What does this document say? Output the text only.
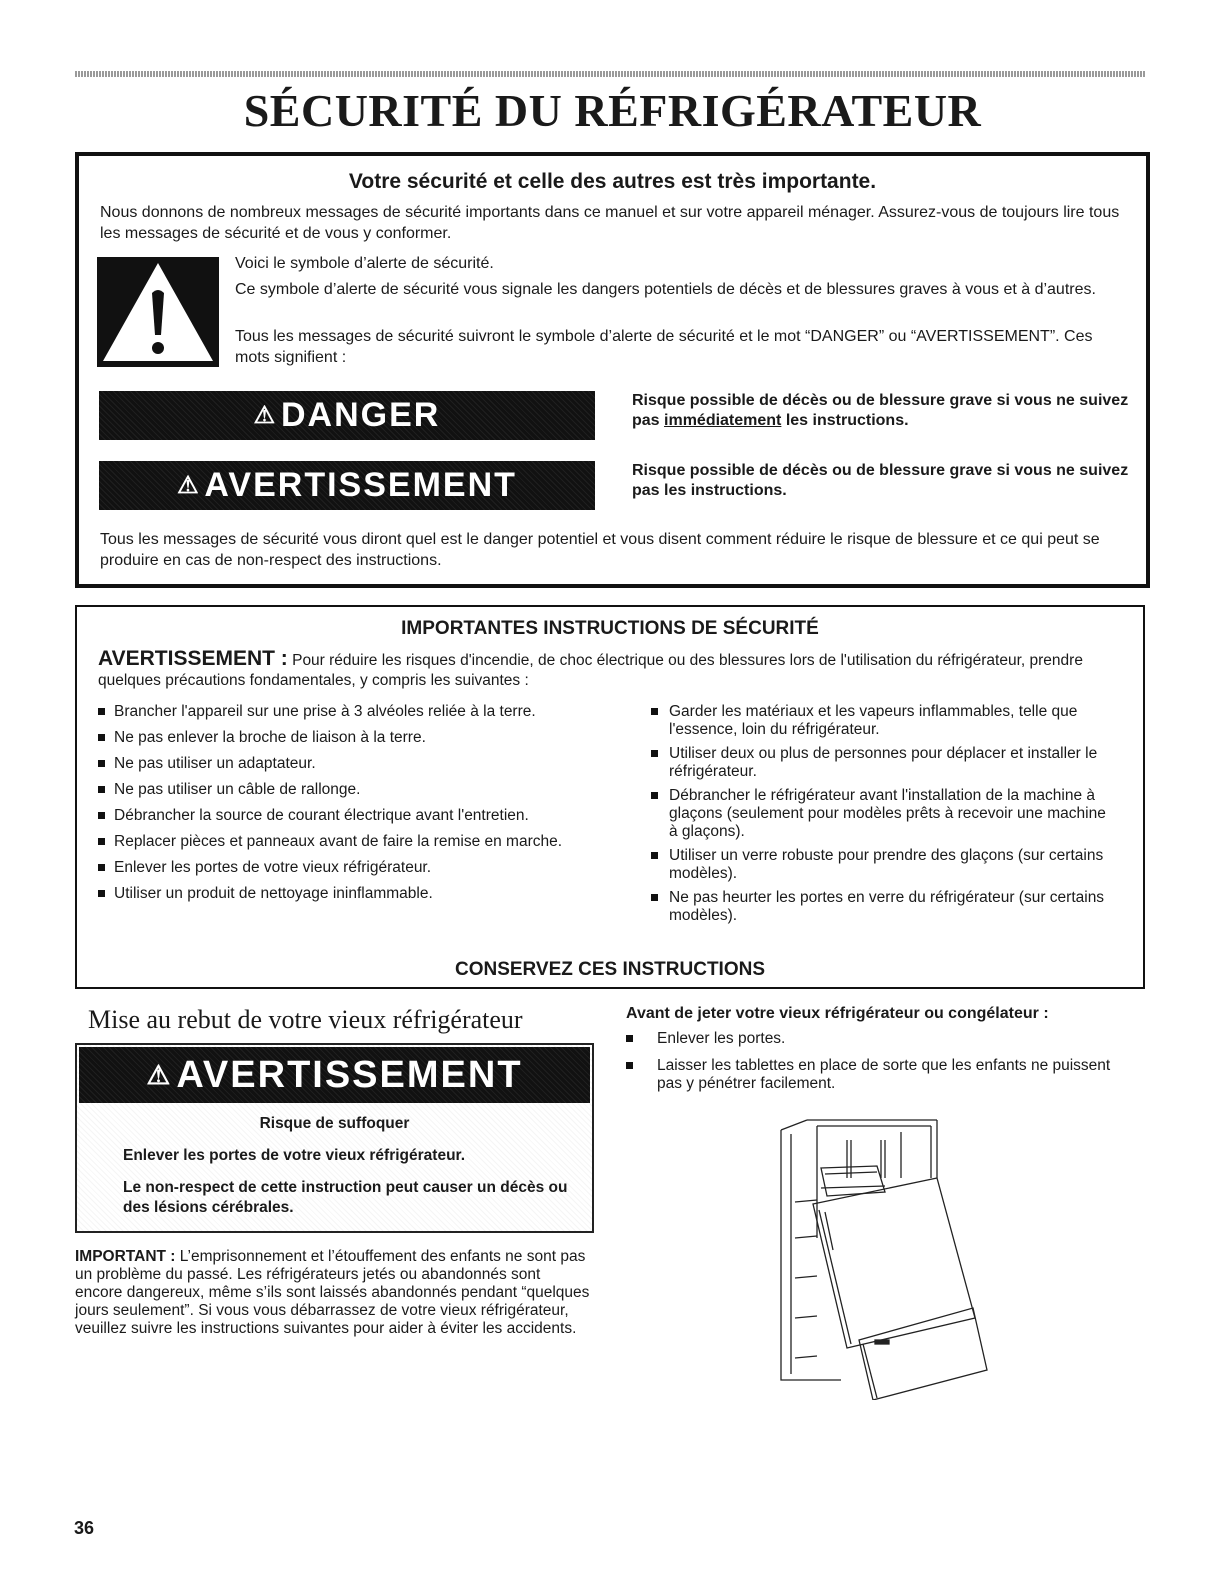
SÉCURITÉ DU RÉFRIGÉRATEUR
Votre sécurité et celle des autres est très importante.
Nous donnons de nombreux messages de sécurité importants dans ce manuel et sur votre appareil ménager. Assurez-vous de toujours lire tous les messages de sécurité et de vous y conformer.
Voici le symbole d’alerte de sécurité.
Ce symbole d’alerte de sécurité vous signale les dangers potentiels de décès et de blessures graves à vous et à d’autres.
Tous les messages de sécurité suivront le symbole d’alerte de sécurité et le mot “DANGER” ou “AVERTISSEMENT”. Ces mots signifient :
⚠ DANGER	Risque possible de décès ou de blessure grave si vous ne suivez pas immédiatement les instructions.
⚠ AVERTISSEMENT	Risque possible de décès ou de blessure grave si vous ne suivez pas les instructions.
Tous les messages de sécurité vous diront quel est le danger potentiel et vous disent comment réduire le risque de blessure et ce qui peut se produire en cas de non-respect des instructions.
IMPORTANTES INSTRUCTIONS DE SÉCURITÉ
AVERTISSEMENT : Pour réduire les risques d'incendie, de choc électrique ou des blessures lors de l'utilisation du réfrigérateur, prendre quelques précautions fondamentales, y compris les suivantes :
Brancher l'appareil sur une prise à 3 alvéoles reliée à la terre.
Ne pas enlever la broche de liaison à la terre.
Ne pas utiliser un adaptateur.
Ne pas utiliser un câble de rallonge.
Débrancher la source de courant électrique avant l'entretien.
Replacer pièces et panneaux avant de faire la remise en marche.
Enlever les portes de votre vieux réfrigérateur.
Utiliser un produit de nettoyage ininflammable.
Garder les matériaux et les vapeurs inflammables, telle que l'essence, loin du réfrigérateur.
Utiliser deux ou plus de personnes pour déplacer et installer le réfrigérateur.
Débrancher le réfrigérateur avant l'installation de la machine à glaçons (seulement pour modèles prêts à recevoir une machine à glaçons).
Utiliser un verre robuste pour prendre des glaçons (sur certains modèles).
Ne pas heurter les portes en verre du réfrigérateur (sur certains modèles).
CONSERVEZ CES INSTRUCTIONS
Mise au rebut de votre vieux réfrigérateur
⚠ AVERTISSEMENT
Risque de suffoquer
Enlever les portes de votre vieux réfrigérateur.
Le non-respect de cette instruction peut causer un décès ou des lésions cérébrales.
IMPORTANT : L’emprisonnement et l’étouffement des enfants ne sont pas un problème du passé. Les réfrigérateurs jetés ou abandonnés sont encore dangereux, même s’ils sont laissés abandonnés pendant “quelques jours seulement”. Si vous vous débarrassez de votre vieux réfrigérateur, veuillez suivre les instructions suivantes pour aider à éviter les accidents.
Avant de jeter votre vieux réfrigérateur ou congélateur :
Enlever les portes.
Laisser les tablettes en place de sorte que les enfants ne puissent pas y pénétrer facilement.
36
